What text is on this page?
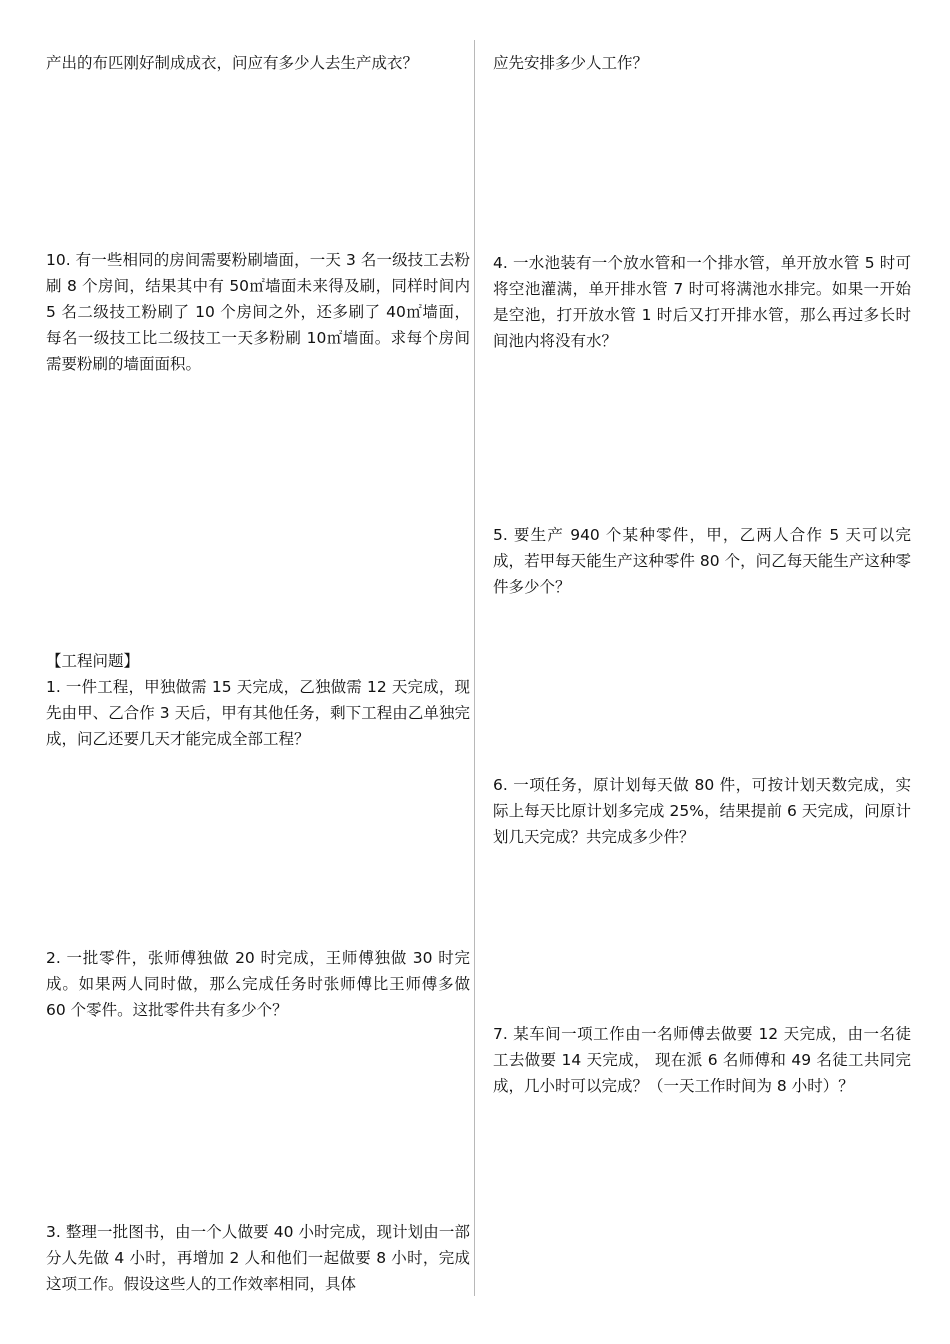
产出的布匹刚好制成成衣，问应有多少人去生产成衣？

10. 有一些相同的房间需要粉刷墙面，一天 3 名一级技工去粉刷 8 个房间，结果其中有 50㎡墙面未来得及刷，同样时间内 5 名二级技工粉刷了 10 个房间之外，还多刷了 40㎡墙面，每名一级技工比二级技工一天多粉刷 10㎡墙面。求每个房间需要粉刷的墙面面积。

【工程问题】

1. 一件工程，甲独做需 15 天完成，乙独做需 12 天完成，现先由甲、乙合作 3 天后，甲有其他任务，剩下工程由乙单独完成，问乙还要几天才能完成全部工程？

2. 一批零件，张师傅独做 20 时完成，王师傅独做 30 时完成。如果两人同时做，那么完成任务时张师傅比王师傅多做 60 个零件。这批零件共有多少个？

3. 整理一批图书，由一个人做要 40 小时完成，现计划由一部分人先做 4 小时，再增加 2 人和他们一起做要 8 小时，完成这项工作。假设这些人的工作效率相同，具体

应先安排多少人工作？

4. 一水池装有一个放水管和一个排水管，单开放水管 5 时可将空池灌满，单开排水管 7 时可将满池水排完。如果一开始是空池，打开放水管 1 时后又打开排水管，那么再过多长时间池内将没有水？

5. 要生产 940 个某种零件，甲，乙两人合作 5 天可以完成，若甲每天能生产这种零件 80 个，问乙每天能生产这种零件多少个？

6. 一项任务，原计划每天做 80 件，可按计划天数完成，实际上每天比原计划多完成 25%，结果提前 6 天完成，问原计划几天完成？共完成多少件？

7. 某车间一项工作由一名师傅去做要 12 天完成，由一名徒工去做要 14 天完成， 现在派 6 名师傅和 49 名徒工共同完成，几小时可以完成？（一天工作时间为 8 小时）？
